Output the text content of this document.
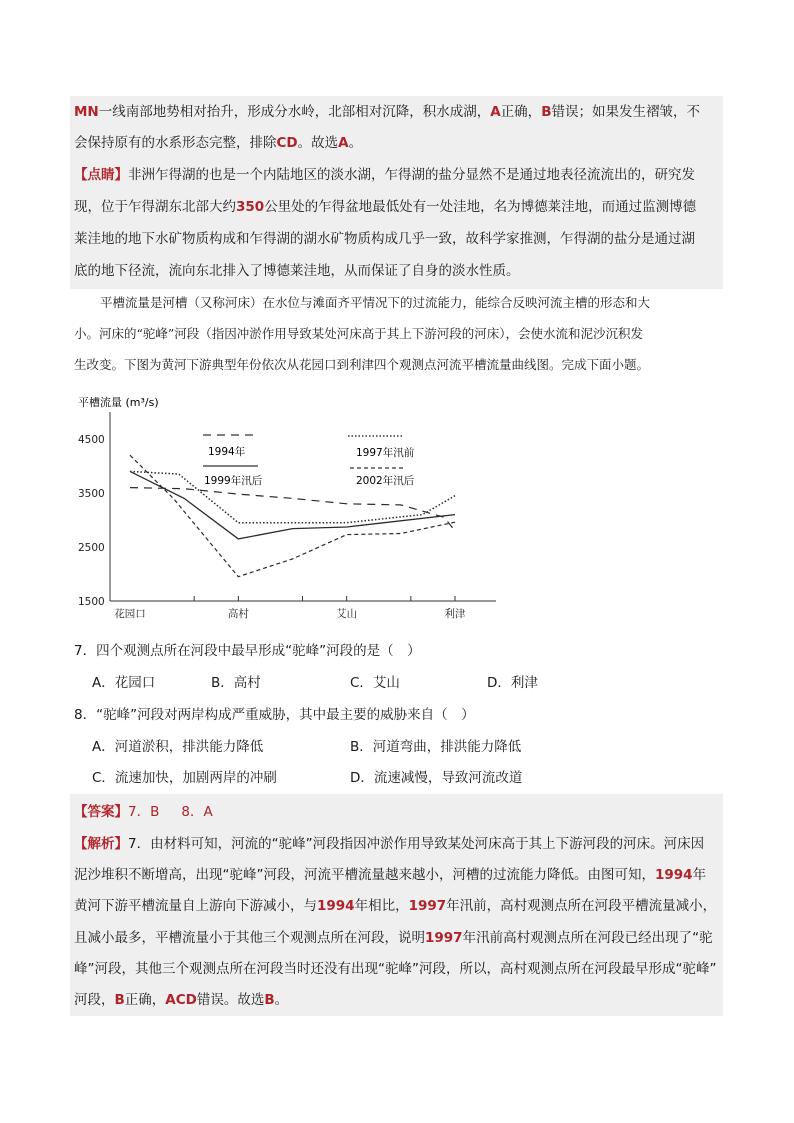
MN一线南部地势相对抬升，形成分水岭，北部相对沉降，积水成湖，A正确，B错误；如果发生褶皱，不
会保持原有的水系形态完整，排除CD。故选A。
【点睛】非洲乍得湖的也是一个内陆地区的淡水湖，乍得湖的盐分显然不是通过地表径流流出的，研究发
现，位于乍得湖东北部大约350公里处的乍得盆地最低处有一处洼地，名为博德莱洼地，而通过监测博德
莱洼地的地下水矿物质构成和乍得湖的湖水矿物质构成几乎一致，故科学家推测，乍得湖的盐分是通过湖
底的地下径流，流向东北排入了博德莱洼地，从而保证了自身的淡水性质。
平槽流量是河槽（又称河床）在水位与滩面齐平情况下的过流能力，能综合反映河流主槽的形态和大
小。河床的“驼峰”河段（指因冲淤作用导致某处河床高于其上下游河段的河床），会使水流和泥沙沉积发
生改变。下图为黄河下游典型年份依次从花园口到利津四个观测点河流平槽流量曲线图。完成下面小题。
平槽流量 (m³/s)
4500
3500
2500
1500
花园口	高村	艾山	利津
1994年
1999年汛后
1997年汛前
2002年汛后
7．四个观测点所在河段中最早形成“驼峰”河段的是（　）
A．花园口	B．高村	C．艾山	D．利津
8．“驼峰”河段对两岸构成严重威胁，其中最主要的威胁来自（　）
A．河道淤积，排洪能力降低	B．河道弯曲，排洪能力降低
C．流速加快，加剧两岸的冲刷	D．流速减慢，导致河流改道
【答案】7．B 8．A
【解析】7．由材料可知，河流的“驼峰”河段指因冲淤作用导致某处河床高于其上下游河段的河床。河床因
泥沙堆积不断增高，出现“驼峰”河段，河流平槽流量越来越小，河槽的过流能力降低。由图可知，1994年
黄河下游平槽流量自上游向下游减小，与1994年相比，1997年汛前，高村观测点所在河段平槽流量减小，
且减小最多，平槽流量小于其他三个观测点所在河段，说明1997年汛前高村观测点所在河段已经出现了“驼
峰”河段，其他三个观测点所在河段当时还没有出现“驼峰”河段，所以，高村观测点所在河段最早形成“驼峰”
河段，B正确，ACD错误。故选B。
